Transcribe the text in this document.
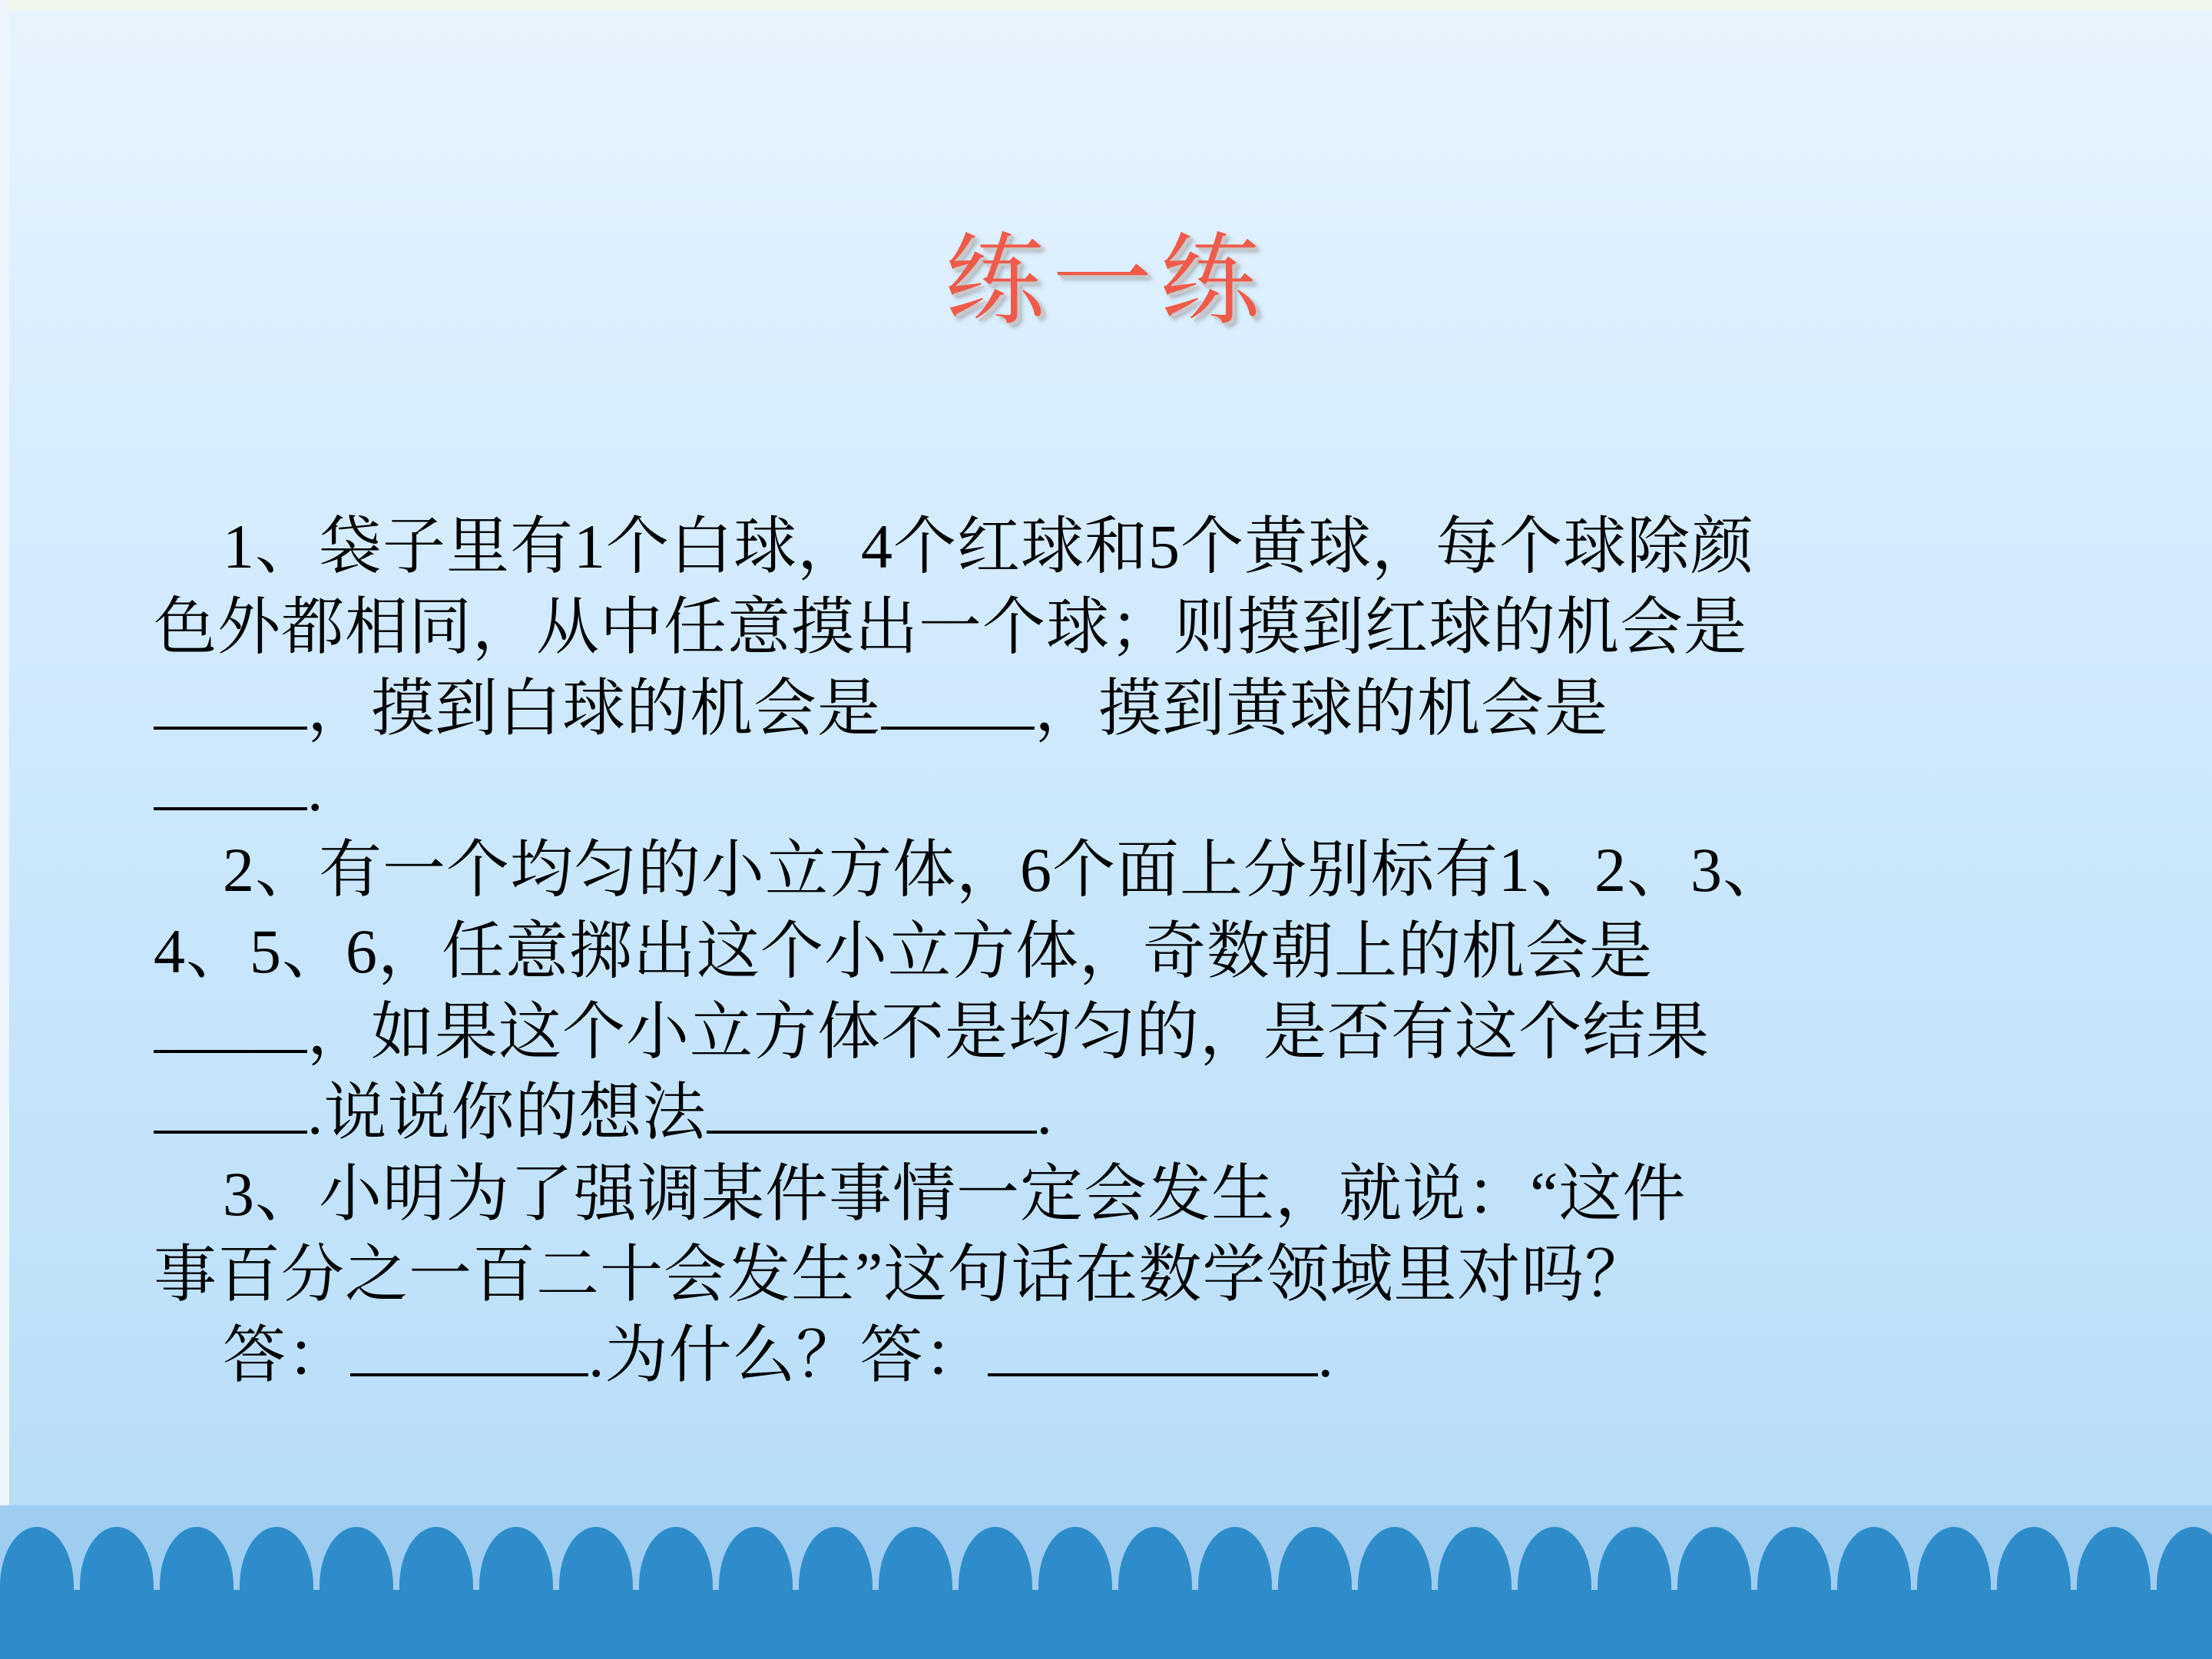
练一练

1、袋子里有1个白球，4个红球和5个黄球，每个球除颜

色外都相同，从中任意摸出一个球；则摸到红球的机会是

，摸到白球的机会是 ，摸到黄球的机会是

.

2、有一个均匀的小立方体，6个面上分别标有1、2、3、

4、5、6，任意掷出这个小立方体，奇数朝上的机会是

，如果这个小立方体不是均匀的，是否有这个结果

.说说你的想法	.

3、小明为了强调某件事情一定会发生，就说：“这件

事百分之一百二十会发生”这句话在数学领域里对吗？

答：	.为什么？答：	.
